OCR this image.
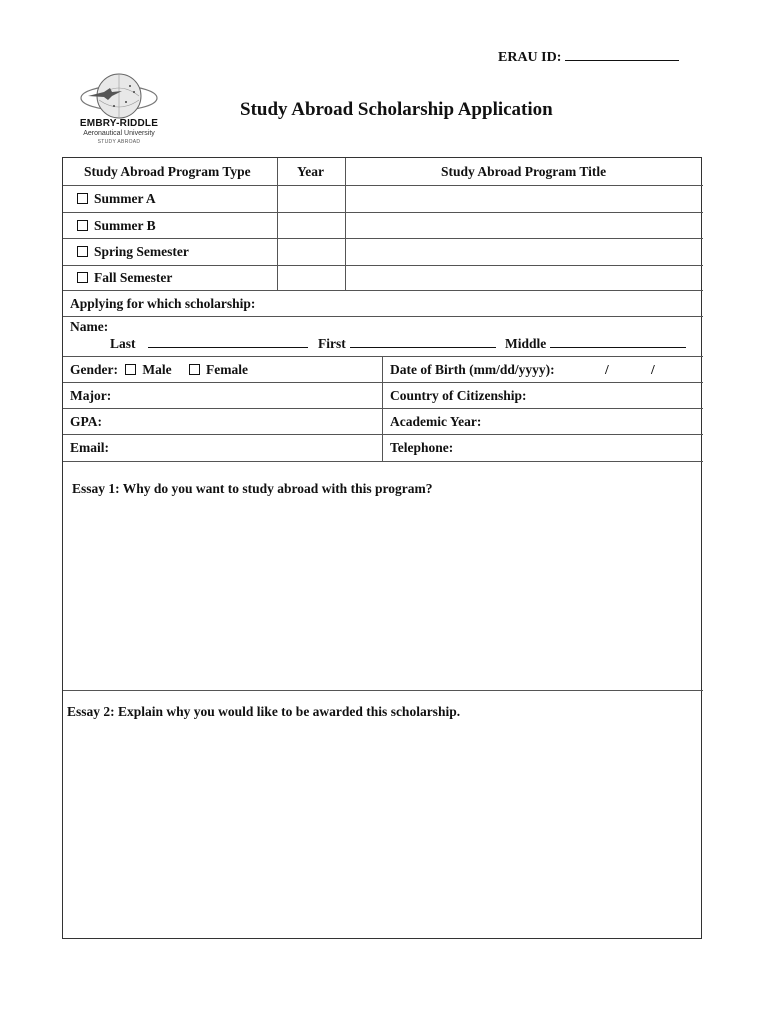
ERAU ID:
EMBRY-RIDDLE
Aeronautical University
STUDY ABROAD
Study Abroad Scholarship Application
Study Abroad Program Type	Year	Study Abroad Program Title
Summer A
Summer B
Spring Semester
Fall Semester
Applying for which scholarship:
Name:
Last	First	Middle
Gender: Male	Female	Date of Birth (mm/dd/yyyy):	/	/
Major:	Country of Citizenship:
GPA:	Academic Year:
Email:	Telephone:
Essay 1: Why do you want to study abroad with this program?
Essay 2: Explain why you would like to be awarded this scholarship.
